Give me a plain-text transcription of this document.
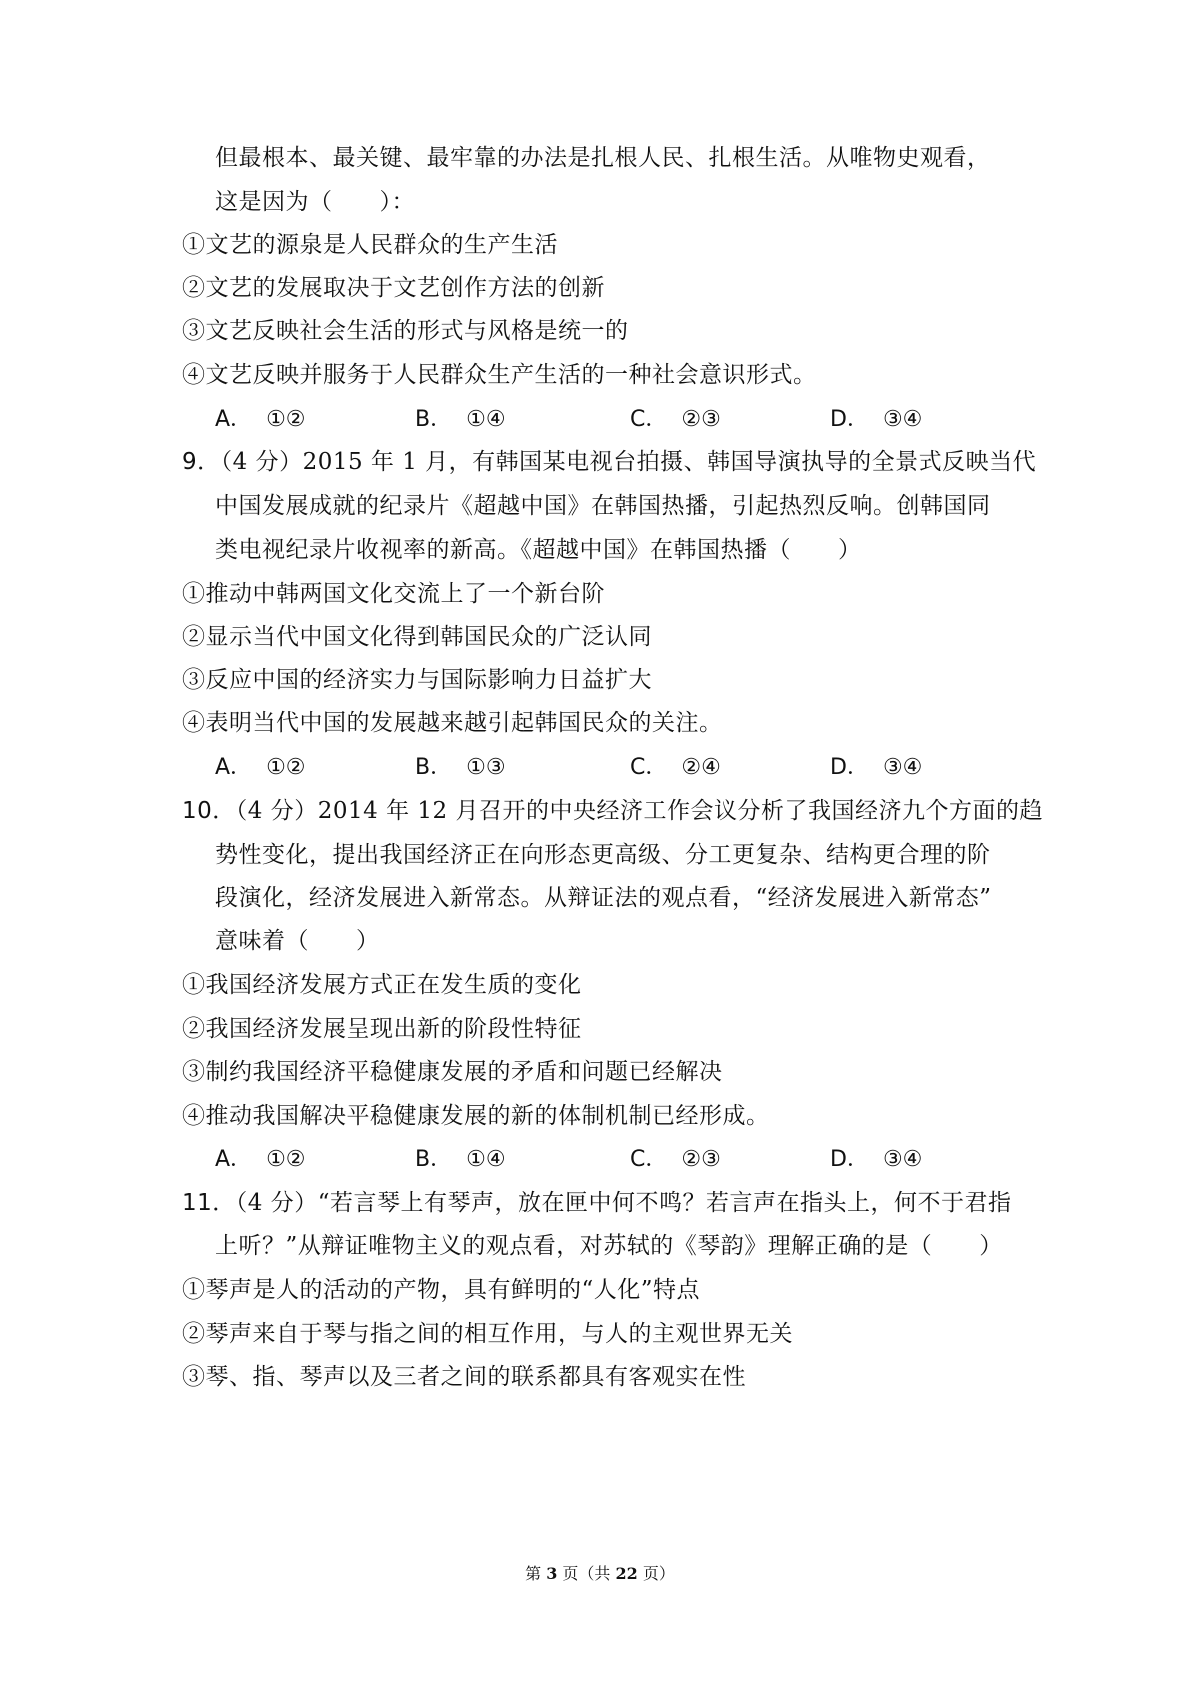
但最根本、最关键、最牢靠的办法是扎根人民、扎根生活。从唯物史观看，
这是因为（　　）：
①文艺的源泉是人民群众的生产生活
②文艺的发展取决于文艺创作方法的创新
③文艺反映社会生活的形式与风格是统一的
④文艺反映并服务于人民群众生产生活的一种社会意识形式。
A． ①②	B． ①④	C． ②③	D． ③④
9．（4 分）2015 年 1 月，有韩国某电视台拍摄、韩国导演执导的全景式反映当代
中国发展成就的纪录片《超越中国》在韩国热播，引起热烈反响。创韩国同
类电视纪录片收视率的新高。《超越中国》在韩国热播（　　）
①推动中韩两国文化交流上了一个新台阶
②显示当代中国文化得到韩国民众的广泛认同
③反应中国的经济实力与国际影响力日益扩大
④表明当代中国的发展越来越引起韩国民众的关注。
A． ①②	B． ①③	C． ②④	D． ③④
10．（4 分）2014 年 12 月召开的中央经济工作会议分析了我国经济九个方面的趋
势性变化，提出我国经济正在向形态更高级、分工更复杂、结构更合理的阶
段演化，经济发展进入新常态。从辩证法的观点看，“经济发展进入新常态”
意味着（　　）
①我国经济发展方式正在发生质的变化
②我国经济发展呈现出新的阶段性特征
③制约我国经济平稳健康发展的矛盾和问题已经解决
④推动我国解决平稳健康发展的新的体制机制已经形成。
A． ①②	B． ①④	C． ②③	D． ③④
11．（4 分）“若言琴上有琴声，放在匣中何不鸣？若言声在指头上，何不于君指
上听？”从辩证唯物主义的观点看，对苏轼的《琴韵》理解正确的是（　　）
①琴声是人的活动的产物，具有鲜明的“人化”特点
②琴声来自于琴与指之间的相互作用，与人的主观世界无关
③琴、指、琴声以及三者之间的联系都具有客观实在性
第 3 页（共 22 页）
